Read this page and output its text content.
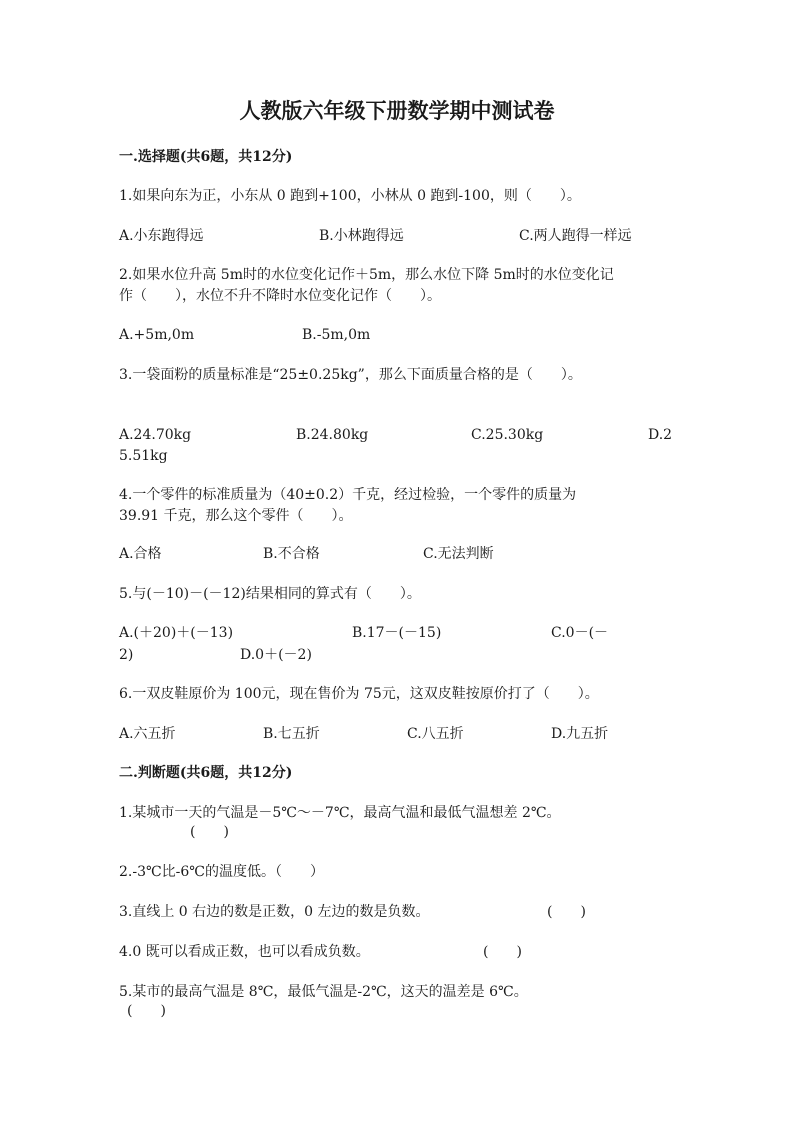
人教版六年级下册数学期中测试卷
一.选择题(共6题，共12分)
1.如果向东为正，小东从 0 跑到+100，小林从 0 跑到-100，则（　　）。
A.小东跑得远	B.小林跑得远	C.两人跑得一样远
2.如果水位升高 5m时的水位变化记作＋5m，那么水位下降 5m时的水位变化记
作（　　），水位不升不降时水位变化记作（　　）。
A.+5m,0m	B.-5m,0m
3.一袋面粉的质量标准是“25±0.25kg”，那么下面质量合格的是（　　）。
A.24.70kg	B.24.80kg	C.25.30kg	D.2
5.51kg
4.一个零件的标准质量为（40±0.2）千克，经过检验，一个零件的质量为
39.91 千克，那么这个零件（　　）。
A.合格	B.不合格	C.无法判断
5.与(－10)－(－12)结果相同的算式有（　　）。
A.(＋20)＋(－13)	B.17－(－15)	C.0－(－
2)	D.0＋(－2)
6.一双皮鞋原价为 100元，现在售价为 75元，这双皮鞋按原价打了（　　）。
A.六五折	B.七五折	C.八五折	D.九五折
二.判断题(共6题，共12分)
1.某城市一天的气温是－5℃～－7℃，最高气温和最低气温想差 2℃。
(　　)
2.-3℃比-6℃的温度低。（　　）
3.直线上 0 右边的数是正数，0 左边的数是负数。	(　　)
4.0 既可以看成正数，也可以看成负数。	(　　)
5.某市的最高气温是 8℃，最低气温是-2℃，这天的温差是 6℃。
(　　)
